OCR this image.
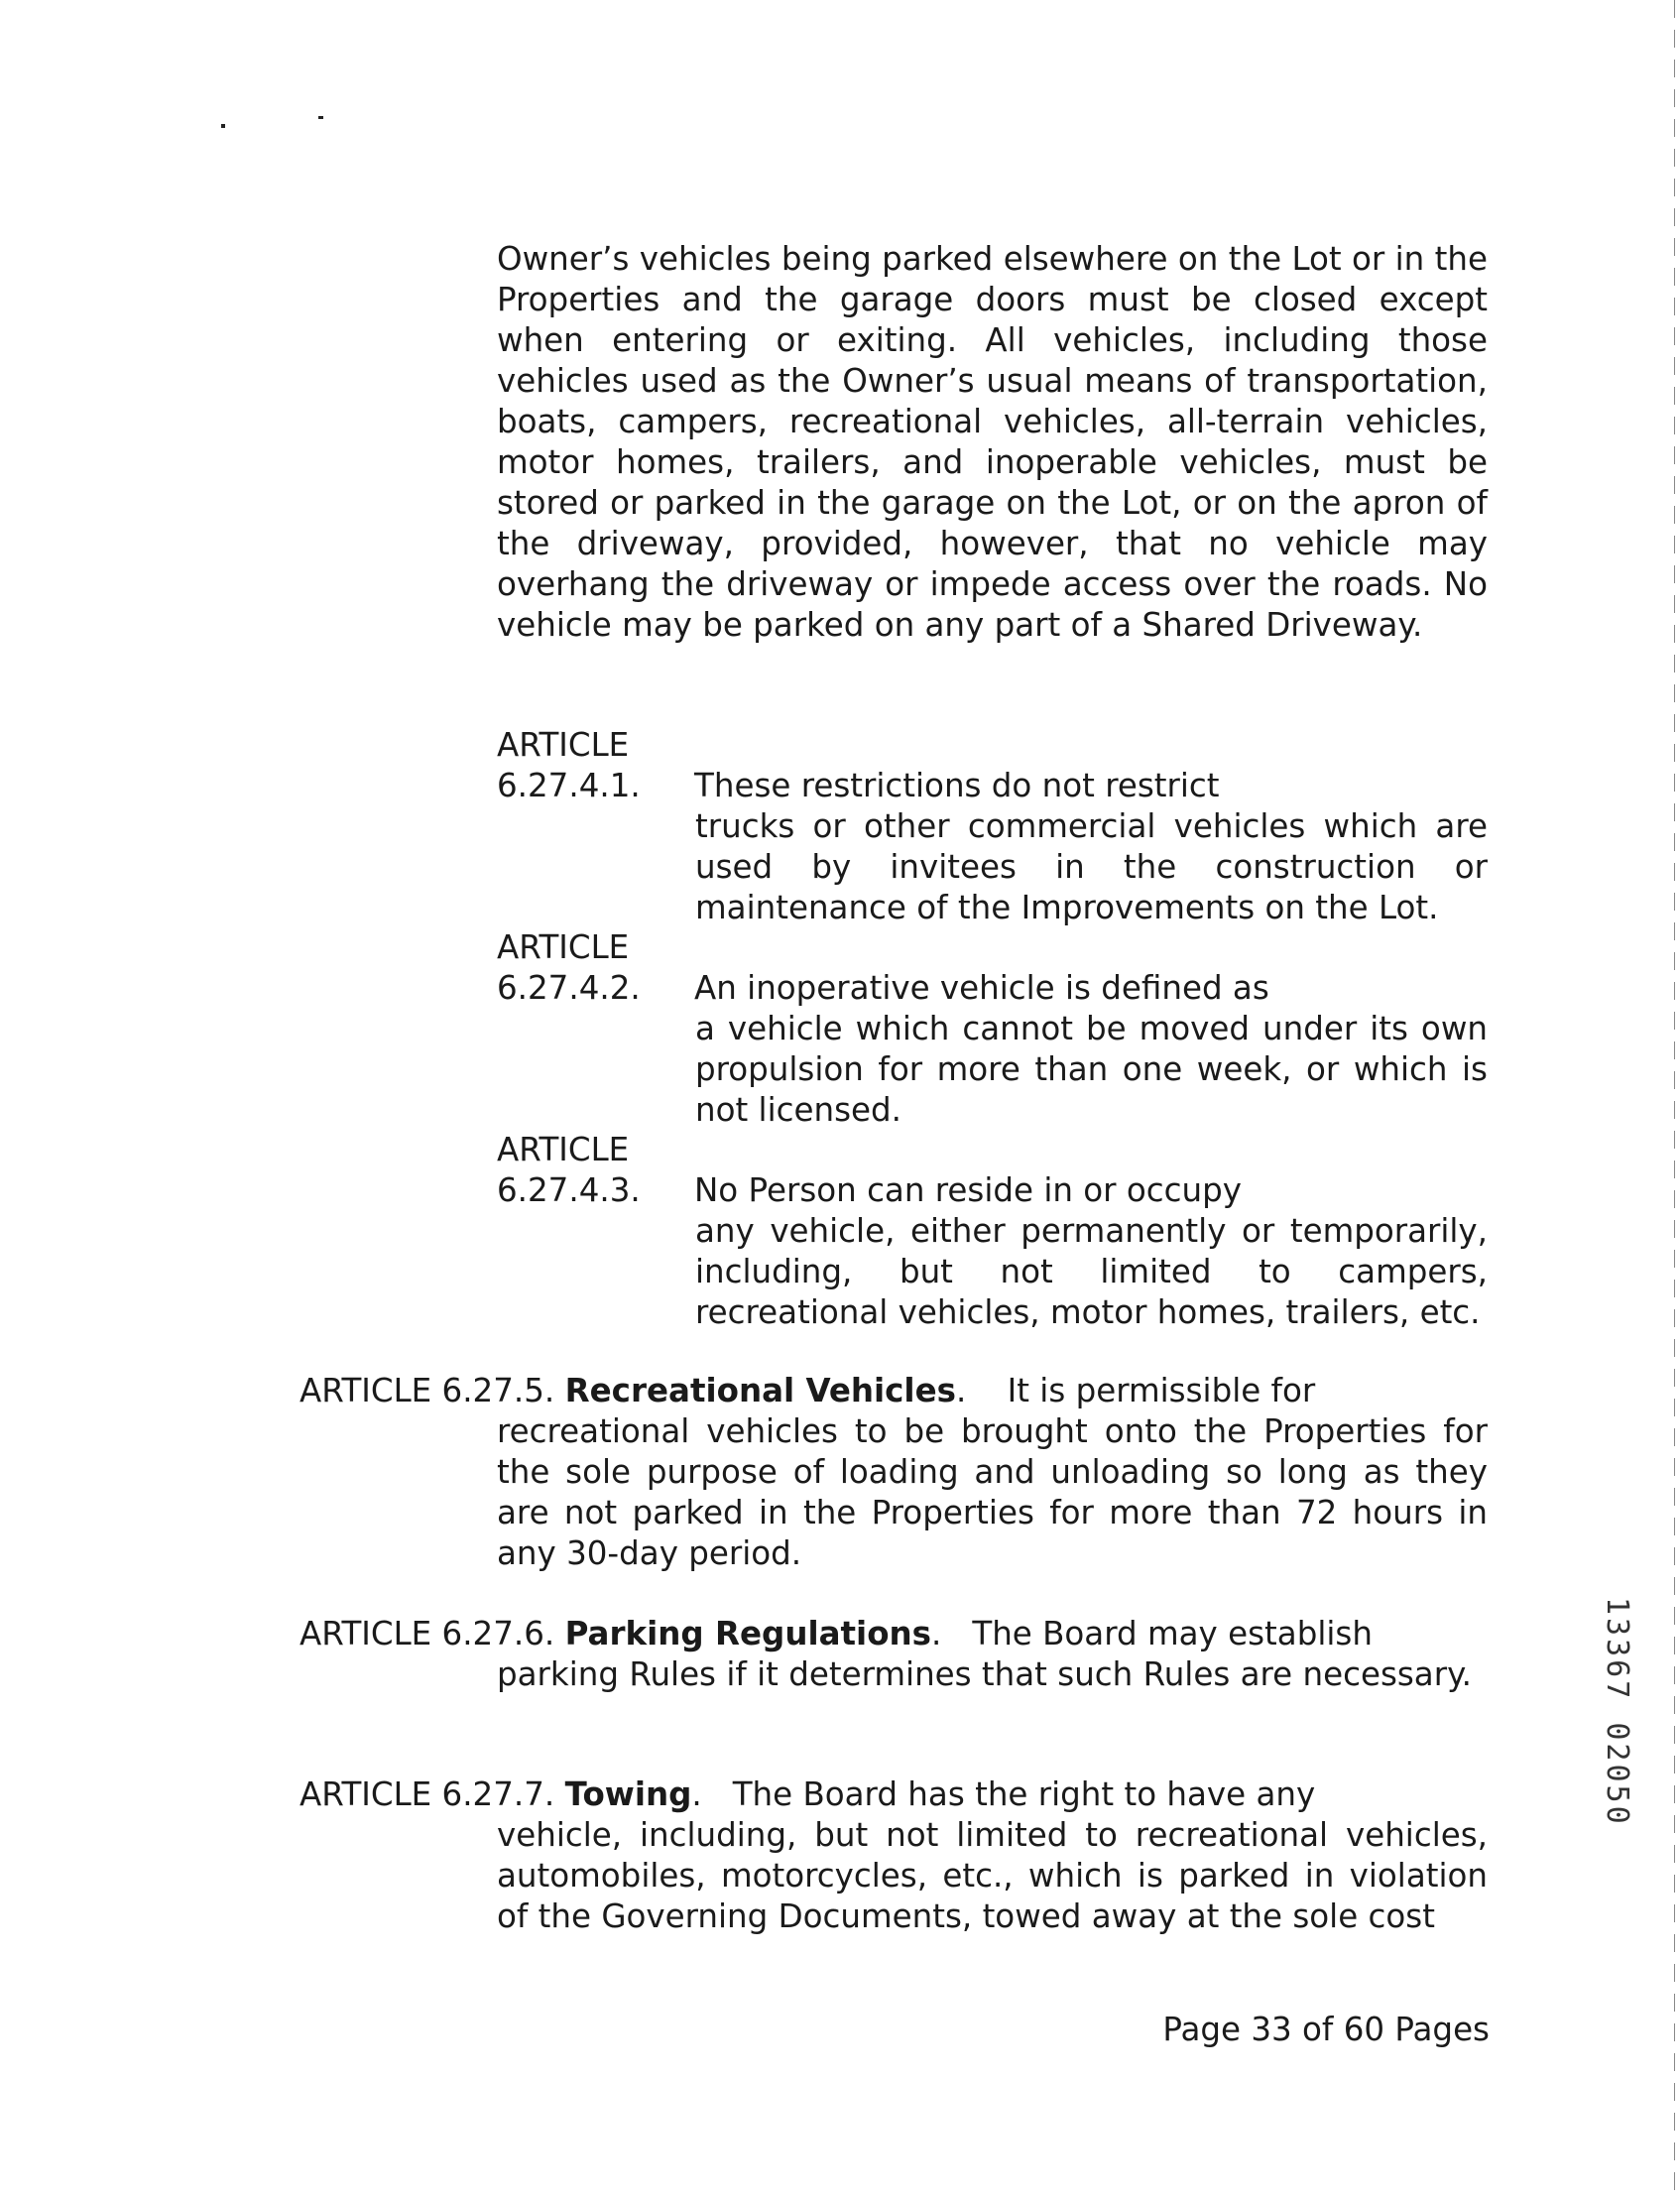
Owner’s vehicles being parked elsewhere on the Lot or in the Properties and the garage doors must be closed except when entering or exiting. All vehicles, including those vehicles used as the Owner’s usual means of transportation, boats, campers, recreational vehicles, all-terrain vehicles, motor homes, trailers, and inoperable vehicles, must be stored or parked in the garage on the Lot, or on the apron of the driveway, provided, however, that no vehicle may overhang the driveway or impede access over the roads. No vehicle may be parked on any part of a Shared Driveway.

ARTICLE 6.27.4.1. These restrictions do not restrict
trucks or other commercial vehicles which are used by invitees in the construction or maintenance of the Improvements on the Lot.
ARTICLE 6.27.4.2. An inoperative vehicle is defined as
a vehicle which cannot be moved under its own propulsion for more than one week, or which is not licensed.
ARTICLE 6.27.4.3. No Person can reside in or occupy
any vehicle, either permanently or temporarily, including, but not limited to campers, recreational vehicles, motor homes, trailers, etc.
ARTICLE 6.27.5. Recreational Vehicles.    It is permissible for
recreational vehicles to be brought onto the Properties for the sole purpose of loading and unloading so long as they are not parked in the Properties for more than 72 hours in any 30-day period.
ARTICLE 6.27.6. Parking Regulations.   The Board may establish
parking Rules if it determines that such Rules are necessary.
ARTICLE 6.27.7. Towing.   The Board has the right to have any
vehicle, including, but not limited to recreational vehicles, automobiles, motorcycles, etc., which is parked in violation of the Governing Documents, towed away at the sole cost
Page 33 of 60 Pages
13367 02050
